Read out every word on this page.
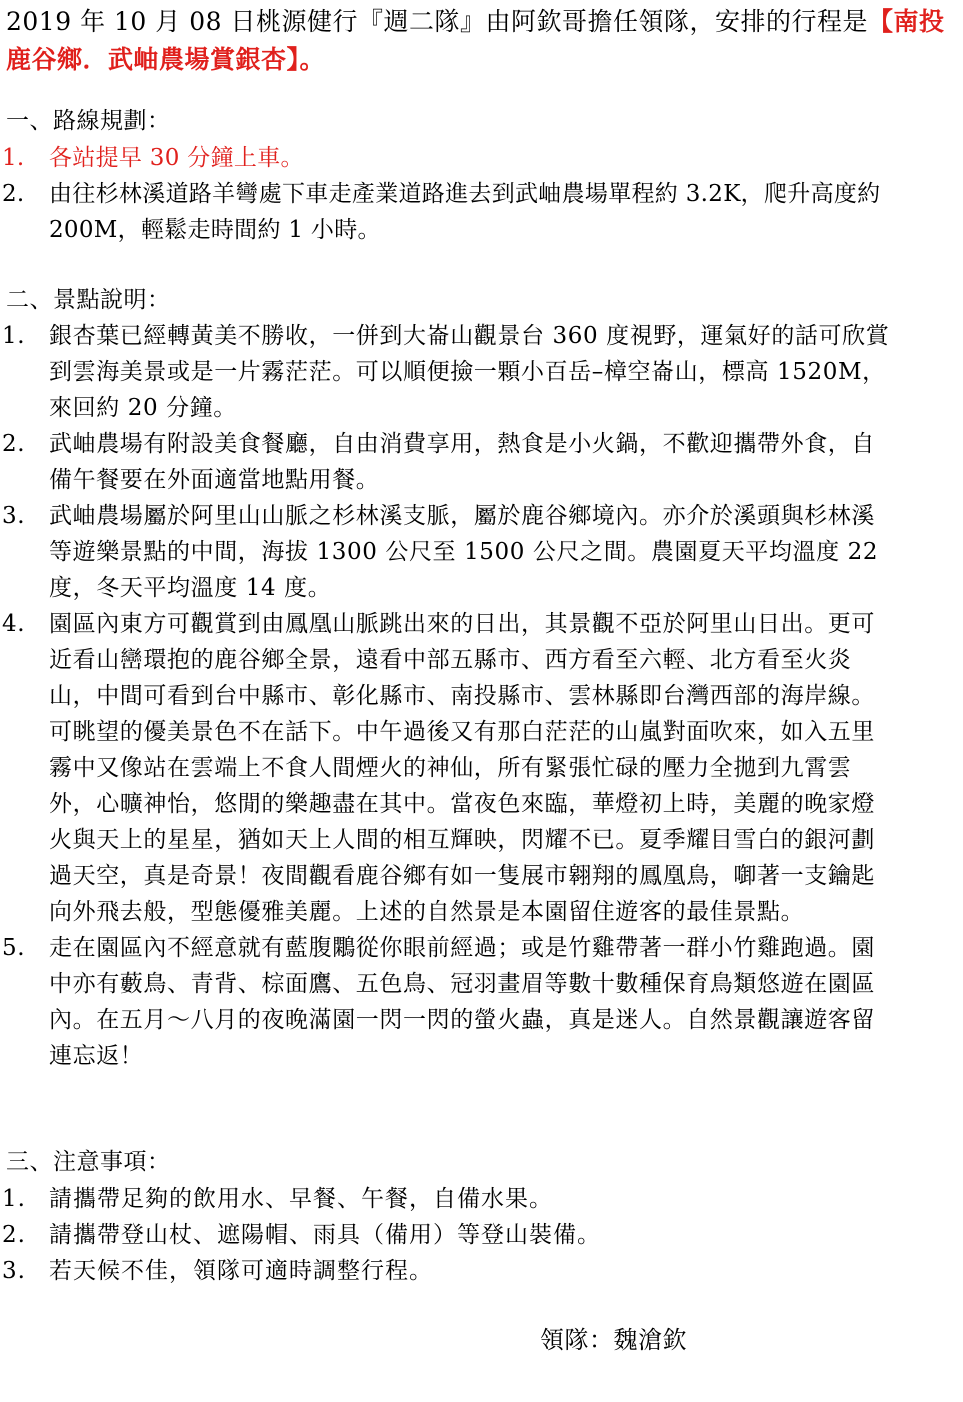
2019 年 10 月 08 日桃源健行『週二隊』由阿欽哥擔任領隊，安排的行程是【南投鹿谷鄉．武岫農場賞銀杏】。
一、路線規劃：
1. 各站提早 30 分鐘上車。
2. 由往杉林溪道路羊彎處下車走產業道路進去到武岫農場單程約 3.2K，爬升高度約 200M，輕鬆走時間約 1 小時。
二、景點說明：
1. 銀杏葉已經轉黃美不勝收，一併到大崙山觀景台 360 度視野，運氣好的話可欣賞到雲海美景或是一片霧茫茫。可以順便撿一顆小百岳–樟空崙山，標高 1520M，來回約 20 分鐘。
2. 武岫農場有附設美食餐廳，自由消費享用，熱食是小火鍋，不歡迎攜帶外食，自備午餐要在外面適當地點用餐。
3. 武岫農場屬於阿里山山脈之杉林溪支脈，屬於鹿谷鄉境內。亦介於溪頭與杉林溪等遊樂景點的中間，海拔 1300 公尺至 1500 公尺之間。農園夏天平均溫度 22 度，冬天平均溫度 14 度。
4. 園區內東方可觀賞到由鳳凰山脈跳出來的日出，其景觀不亞於阿里山日出。更可近看山巒環抱的鹿谷鄉全景，遠看中部五縣市、西方看至六輕、北方看至火炎山，中間可看到台中縣市、彰化縣市、南投縣市、雲林縣即台灣西部的海岸線。可眺望的優美景色不在話下。中午過後又有那白茫茫的山嵐對面吹來，如入五里霧中又像站在雲端上不食人間煙火的神仙，所有緊張忙碌的壓力全拋到九霄雲外，心曠神怡，悠閒的樂趣盡在其中。當夜色來臨，華燈初上時，美麗的晚家燈火與天上的星星，猶如天上人間的相互輝映，閃耀不已。夏季耀目雪白的銀河劃過天空，真是奇景！夜間觀看鹿谷鄉有如一隻展市翱翔的鳳凰鳥，啣著一支鑰匙向外飛去般，型態優雅美麗。上述的自然景是本園留住遊客的最佳景點。
5. 走在園區內不經意就有藍腹鷴從你眼前經過；或是竹雞帶著一群小竹雞跑過。園中亦有藪鳥、青背、棕面鷹、五色鳥、冠羽畫眉等數十數種保育鳥類悠遊在園區內。在五月～八月的夜晚滿園一閃一閃的螢火蟲，真是迷人。自然景觀讓遊客留連忘返！
三、注意事項：
1. 請攜帶足夠的飲用水、早餐、午餐，自備水果。
2. 請攜帶登山杖、遮陽帽、雨具（備用）等登山裝備。
3. 若天候不佳，領隊可適時調整行程。
領隊：魏滄欽
